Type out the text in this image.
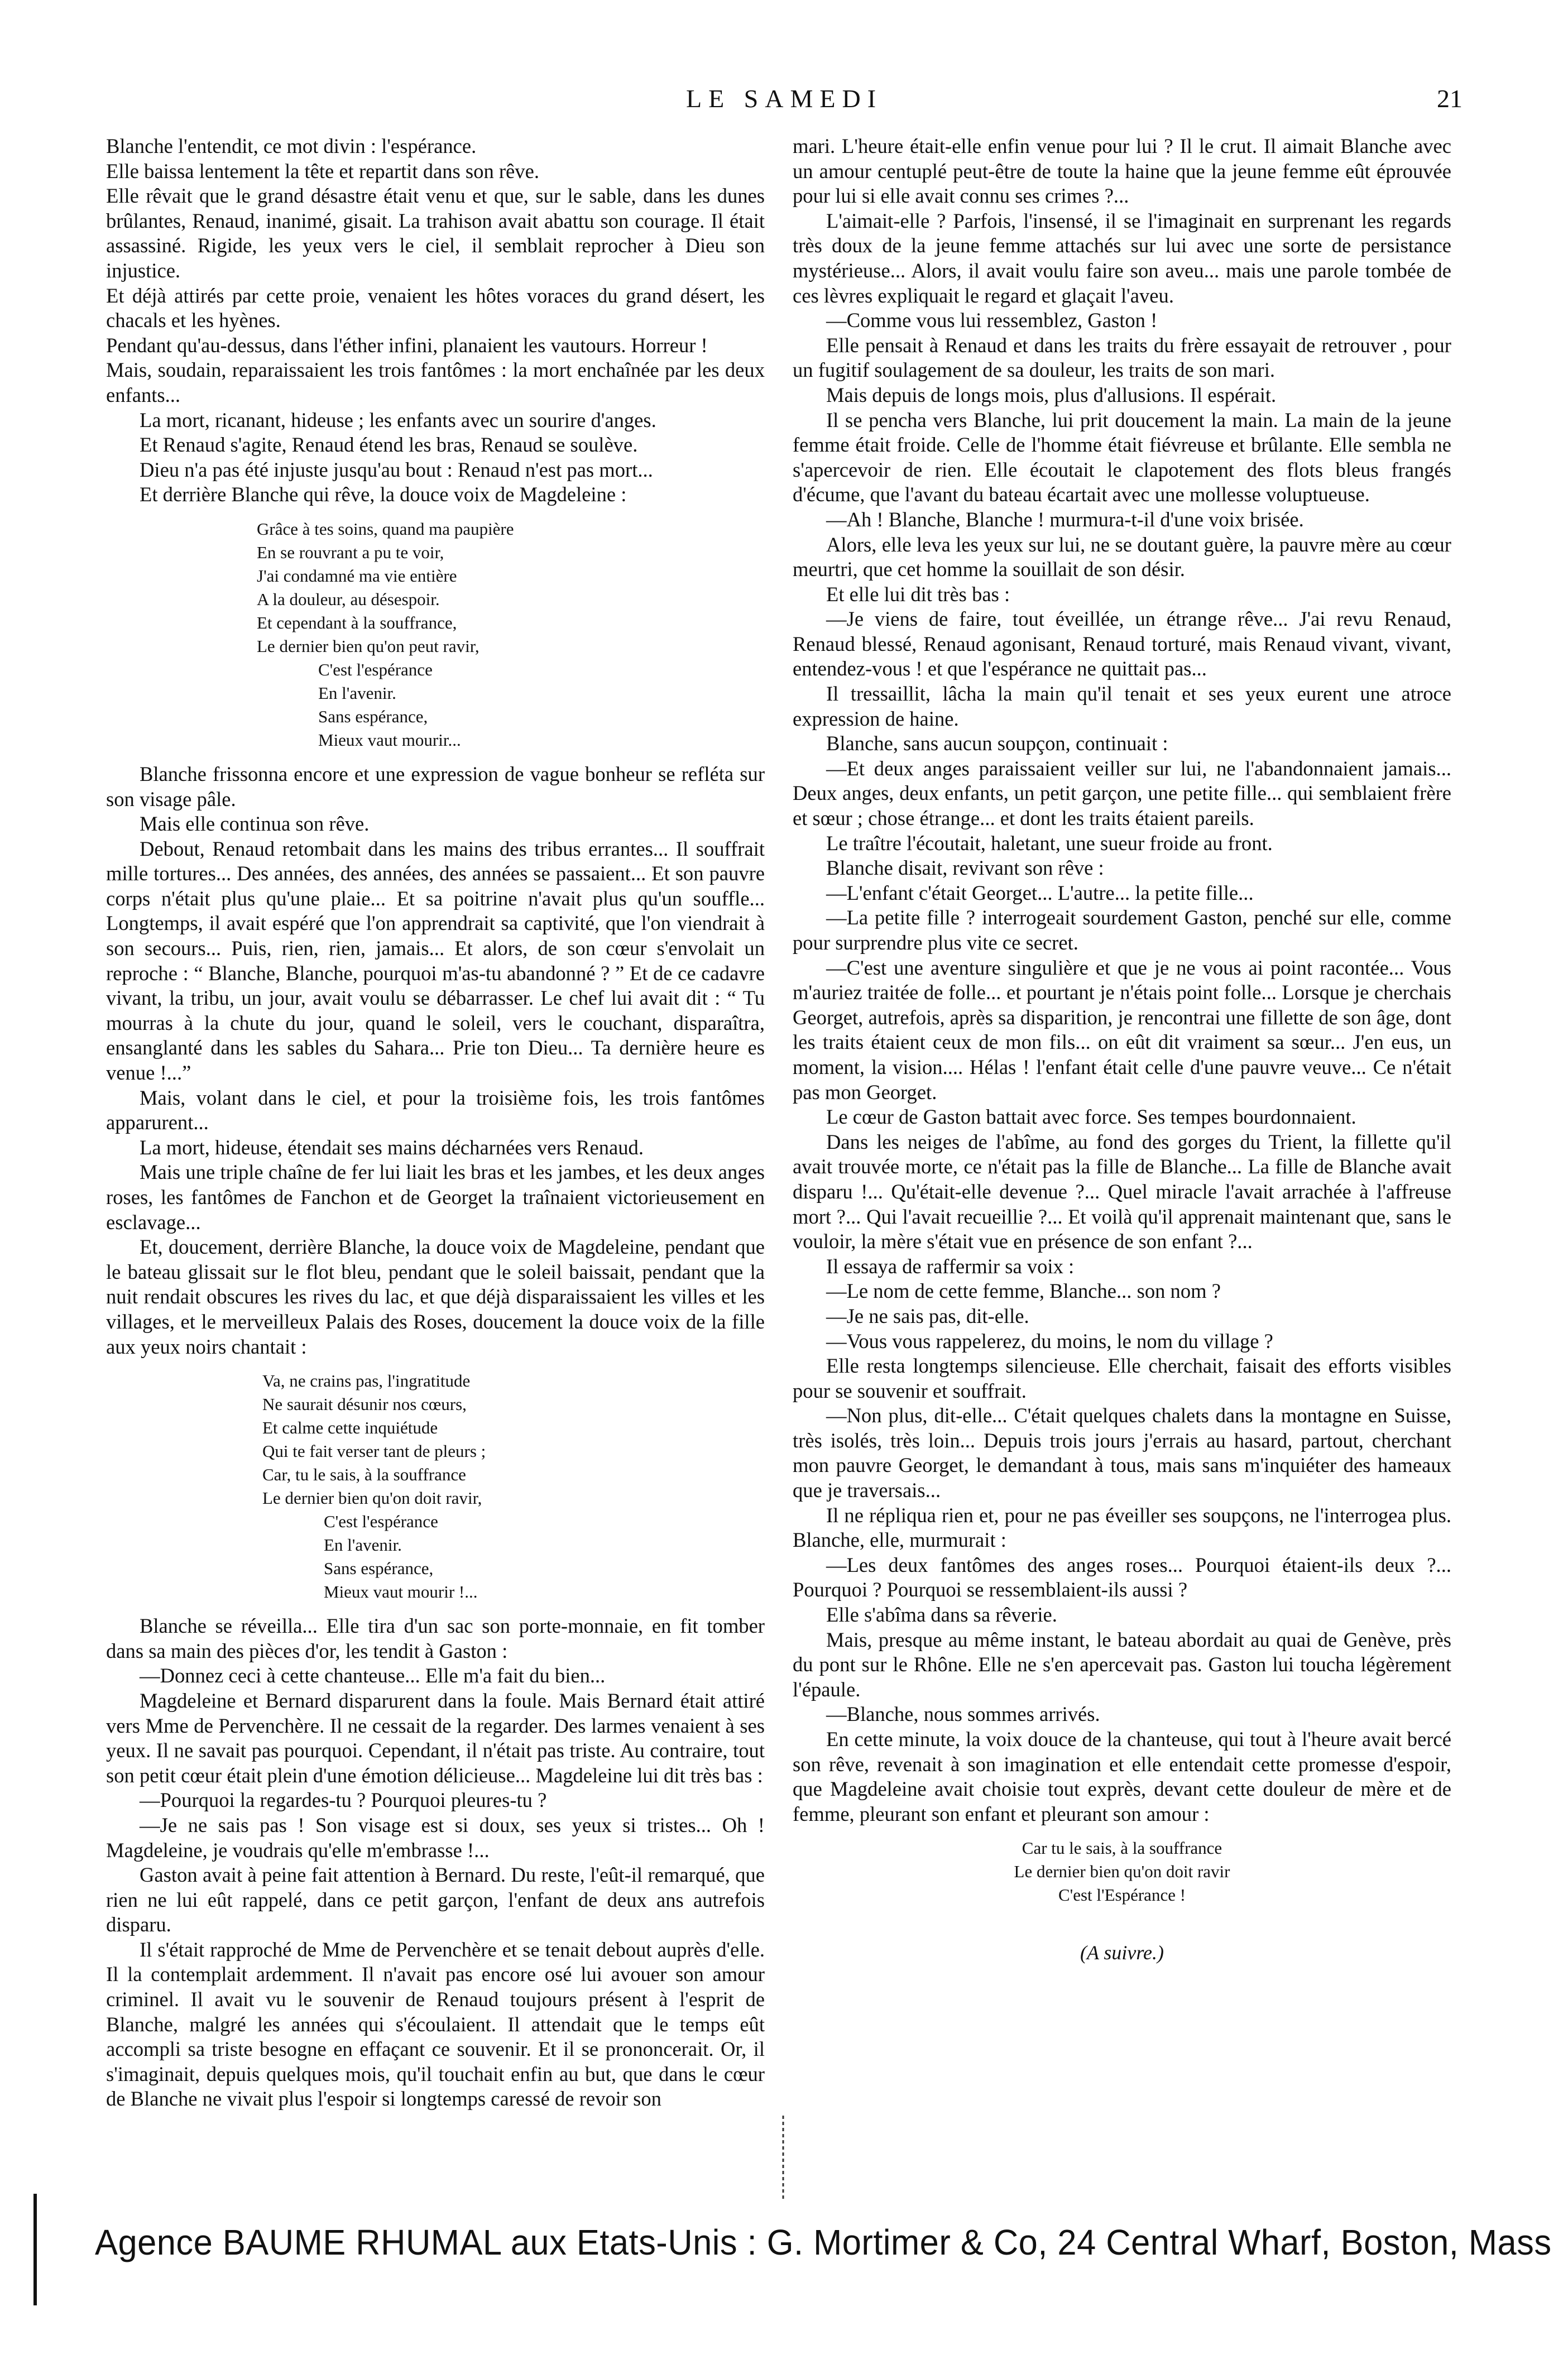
LE SAMEDI	21

Blanche l'entendit, ce mot divin : l'espérance.

Elle baissa lentement la tête et repartit dans son rêve.

Elle rêvait que le grand désastre était venu et que, sur le sable, dans les dunes brûlantes, Renaud, inanimé, gisait. La trahison avait abattu son courage. Il était assassiné. Rigide, les yeux vers le ciel, il semblait reprocher à Dieu son injustice.

Et déjà attirés par cette proie, venaient les hôtes voraces du grand désert, les chacals et les hyènes.

Pendant qu'au-dessus, dans l'éther infini, planaient les vautours. Horreur !

Mais, soudain, reparaissaient les trois fantômes : la mort enchaînée par les deux enfants...

La mort, ricanant, hideuse ; les enfants avec un sourire d'anges.

Et Renaud s'agite, Renaud étend les bras, Renaud se soulève.

Dieu n'a pas été injuste jusqu'au bout : Renaud n'est pas mort...

Et derrière Blanche qui rêve, la douce voix de Magdeleine :

Grâce à tes soins, quand ma paupière
En se rouvrant a pu te voir,
J'ai condamné ma vie entière
A la douleur, au désespoir.
Et cependant à la souffrance,
Le dernier bien qu'on peut ravir,
C'est l'espérance
En l'avenir.
Sans espérance,
Mieux vaut mourir...

Blanche frissonna encore et une expression de vague bonheur se refléta sur son visage pâle.

Mais elle continua son rêve.

Debout, Renaud retombait dans les mains des tribus errantes... Il souffrait mille tortures... Des années, des années, des années se passaient... Et son pauvre corps n'était plus qu'une plaie... Et sa poitrine n'avait plus qu'un souffle... Longtemps, il avait espéré que l'on apprendrait sa captivité, que l'on viendrait à son secours... Puis, rien, rien, jamais... Et alors, de son cœur s'envolait un reproche : “ Blanche, Blanche, pourquoi m'as-tu abandonné ? ” Et de ce cadavre vivant, la tribu, un jour, avait voulu se débarrasser. Le chef lui avait dit : “ Tu mourras à la chute du jour, quand le soleil, vers le couchant, disparaîtra, ensanglanté dans les sables du Sahara... Prie ton Dieu... Ta dernière heure es venue !...”

Mais, volant dans le ciel, et pour la troisième fois, les trois fantômes apparurent...

La mort, hideuse, étendait ses mains décharnées vers Renaud.

Mais une triple chaîne de fer lui liait les bras et les jambes, et les deux anges roses, les fantômes de Fanchon et de Georget la traînaient victorieusement en esclavage...

Et, doucement, derrière Blanche, la douce voix de Magdeleine, pendant que le bateau glissait sur le flot bleu, pendant que le soleil baissait, pendant que la nuit rendait obscures les rives du lac, et que déjà disparaissaient les villes et les villages, et le merveilleux Palais des Roses, doucement la douce voix de la fille aux yeux noirs chantait :

Va, ne crains pas, l'ingratitude
Ne saurait désunir nos cœurs,
Et calme cette inquiétude
Qui te fait verser tant de pleurs ;
Car, tu le sais, à la souffrance
Le dernier bien qu'on doit ravir,
C'est l'espérance
En l'avenir.
Sans espérance,
Mieux vaut mourir !...

Blanche se réveilla... Elle tira d'un sac son porte-monnaie, en fit tomber dans sa main des pièces d'or, les tendit à Gaston :

—Donnez ceci à cette chanteuse... Elle m'a fait du bien...

Magdeleine et Bernard disparurent dans la foule. Mais Bernard était attiré vers Mme de Pervenchère. Il ne cessait de la regarder. Des larmes venaient à ses yeux. Il ne savait pas pourquoi. Cependant, il n'était pas triste. Au contraire, tout son petit cœur était plein d'une émotion délicieuse... Magdeleine lui dit très bas :

—Pourquoi la regardes-tu ? Pourquoi pleures-tu ?

—Je ne sais pas ! Son visage est si doux, ses yeux si tristes... Oh ! Magdeleine, je voudrais qu'elle m'embrasse !...

Gaston avait à peine fait attention à Bernard. Du reste, l'eût-il remarqué, que rien ne lui eût rappelé, dans ce petit garçon, l'enfant de deux ans autrefois disparu.

Il s'était rapproché de Mme de Pervenchère et se tenait debout auprès d'elle. Il la contemplait ardemment. Il n'avait pas encore osé lui avouer son amour criminel. Il avait vu le souvenir de Renaud toujours présent à l'esprit de Blanche, malgré les années qui s'écoulaient. Il attendait que le temps eût accompli sa triste besogne en effaçant ce souvenir. Et il se prononcerait. Or, il s'imaginait, depuis quelques mois, qu'il touchait enfin au but, que dans le cœur de Blanche ne vivait plus l'espoir si longtemps caressé de revoir son

mari. L'heure était-elle enfin venue pour lui ? Il le crut. Il aimait Blanche avec un amour centuplé peut-être de toute la haine que la jeune femme eût éprouvée pour lui si elle avait connu ses crimes ?...

L'aimait-elle ? Parfois, l'insensé, il se l'imaginait en surprenant les regards très doux de la jeune femme attachés sur lui avec une sorte de persistance mystérieuse... Alors, il avait voulu faire son aveu... mais une parole tombée de ces lèvres expliquait le regard et glaçait l'aveu.

—Comme vous lui ressemblez, Gaston !

Elle pensait à Renaud et dans les traits du frère essayait de retrouver , pour un fugitif soulagement de sa douleur, les traits de son mari.

Mais depuis de longs mois, plus d'allusions. Il espérait.

Il se pencha vers Blanche, lui prit doucement la main. La main de la jeune femme était froide. Celle de l'homme était fiévreuse et brûlante. Elle sembla ne s'apercevoir de rien. Elle écoutait le clapotement des flots bleus frangés d'écume, que l'avant du bateau écartait avec une mollesse voluptueuse.

—Ah ! Blanche, Blanche ! murmura-t-il d'une voix brisée.

Alors, elle leva les yeux sur lui, ne se doutant guère, la pauvre mère au cœur meurtri, que cet homme la souillait de son désir.

Et elle lui dit très bas :

—Je viens de faire, tout éveillée, un étrange rêve... J'ai revu Renaud, Renaud blessé, Renaud agonisant, Renaud torturé, mais Renaud vivant, vivant, entendez-vous ! et que l'espérance ne quittait pas...

Il tressaillit, lâcha la main qu'il tenait et ses yeux eurent une atroce expression de haine.

Blanche, sans aucun soupçon, continuait :

—Et deux anges paraissaient veiller sur lui, ne l'abandonnaient jamais... Deux anges, deux enfants, un petit garçon, une petite fille... qui semblaient frère et sœur ; chose étrange... et dont les traits étaient pareils.

Le traître l'écoutait, haletant, une sueur froide au front.

Blanche disait, revivant son rêve :

—L'enfant c'était Georget... L'autre... la petite fille...

—La petite fille ? interrogeait sourdement Gaston, penché sur elle, comme pour surprendre plus vite ce secret.

—C'est une aventure singulière et que je ne vous ai point racontée... Vous m'auriez traitée de folle... et pourtant je n'étais point folle... Lorsque je cherchais Georget, autrefois, après sa disparition, je rencontrai une fillette de son âge, dont les traits étaient ceux de mon fils... on eût dit vraiment sa sœur... J'en eus, un moment, la vision.... Hélas ! l'enfant était celle d'une pauvre veuve... Ce n'était pas mon Georget.

Le cœur de Gaston battait avec force. Ses tempes bourdonnaient.

Dans les neiges de l'abîme, au fond des gorges du Trient, la fillette qu'il avait trouvée morte, ce n'était pas la fille de Blanche... La fille de Blanche avait disparu !... Qu'était-elle devenue ?... Quel miracle l'avait arrachée à l'affreuse mort ?... Qui l'avait recueillie ?... Et voilà qu'il apprenait maintenant que, sans le vouloir, la mère s'était vue en présence de son enfant ?...

Il essaya de raffermir sa voix :

—Le nom de cette femme, Blanche... son nom ?

—Je ne sais pas, dit-elle.

—Vous vous rappelerez, du moins, le nom du village ?

Elle resta longtemps silencieuse. Elle cherchait, faisait des efforts visibles pour se souvenir et souffrait.

—Non plus, dit-elle... C'était quelques chalets dans la montagne en Suisse, très isolés, très loin... Depuis trois jours j'errais au hasard, partout, cherchant mon pauvre Georget, le demandant à tous, mais sans m'inquiéter des hameaux que je traversais...

Il ne répliqua rien et, pour ne pas éveiller ses soupçons, ne l'interrogea plus. Blanche, elle, murmurait :

—Les deux fantômes des anges roses... Pourquoi étaient-ils deux ?... Pourquoi ? Pourquoi se ressemblaient-ils aussi ?

Elle s'abîma dans sa rêverie.

Mais, presque au même instant, le bateau abordait au quai de Genève, près du pont sur le Rhône. Elle ne s'en apercevait pas. Gaston lui toucha légèrement l'épaule.

—Blanche, nous sommes arrivés.

En cette minute, la voix douce de la chanteuse, qui tout à l'heure avait bercé son rêve, revenait à son imagination et elle entendait cette promesse d'espoir, que Magdeleine avait choisie tout exprès, devant cette douleur de mère et de femme, pleurant son enfant et pleurant son amour :

Car tu le sais, à la souffrance
Le dernier bien qu'on doit ravir
C'est l'Espérance !
(A suivre.)
Agence BAUME RHUMAL aux Etats-Unis : G. Mortimer & Co, 24 Central Wharf, Boston, Mass
